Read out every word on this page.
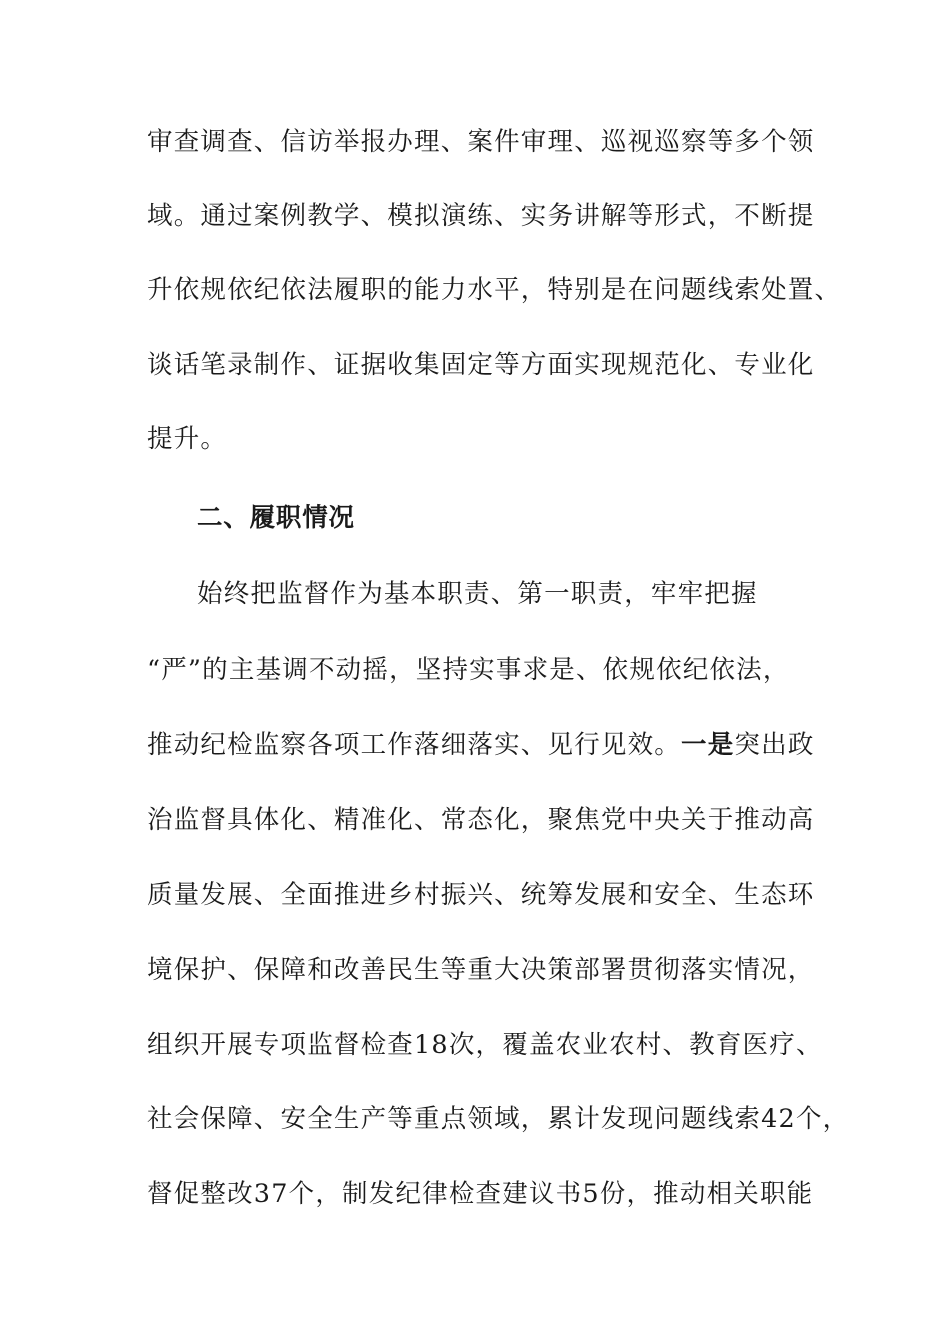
审查调查、信访举报办理、案件审理、巡视巡察等多个领
域。通过案例教学、模拟演练、实务讲解等形式，不断提
升依规依纪依法履职的能力水平，特别是在问题线索处置、
谈话笔录制作、证据收集固定等方面实现规范化、专业化
提升。
二、履职情况
始终把监督作为基本职责、第一职责，牢牢把握
“严”的主基调不动摇，坚持实事求是、依规依纪依法，
推动纪检监察各项工作落细落实、见行见效。一是突出政
治监督具体化、精准化、常态化，聚焦党中央关于推动高
质量发展、全面推进乡村振兴、统筹发展和安全、生态环
境保护、保障和改善民生等重大决策部署贯彻落实情况，
组织开展专项监督检查18次，覆盖农业农村、教育医疗、
社会保障、安全生产等重点领域，累计发现问题线索42个，
督促整改37个，制发纪律检查建议书5份，推动相关职能
